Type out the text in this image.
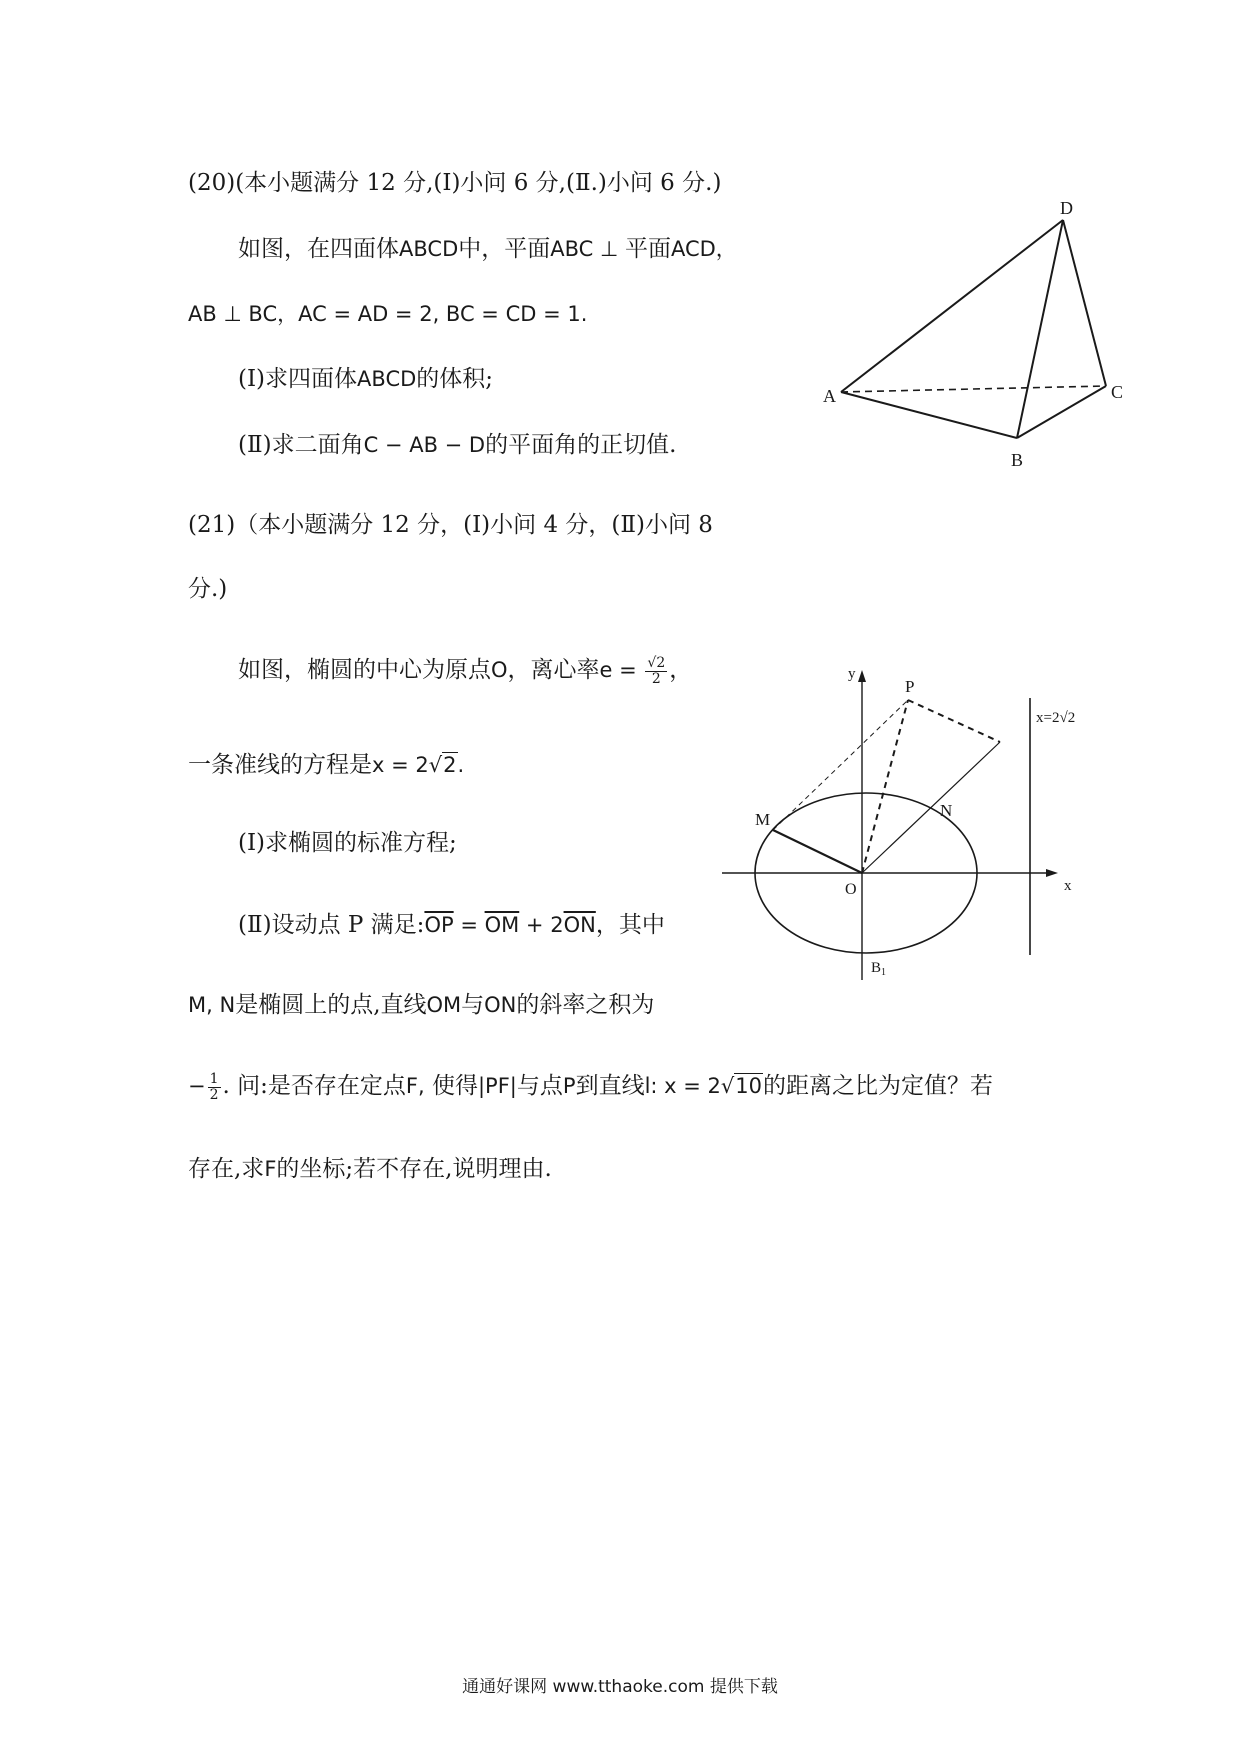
(20)(本小题满分 12 分,(Ⅰ)小问 6 分,(Ⅱ.)小问 6 分.)
如图，在四面体ABCD中，平面ABC ⊥ 平面ACD，
AB ⊥ BC，AC = AD = 2, BC = CD = 1.
(Ⅰ)求四面体ABCD的体积;
(Ⅱ)求二面角C − AB − D的平面角的正切值.
D
A	C
B
(21)（本小题满分 12 分，(Ⅰ)小问 4 分，(Ⅱ)小问 8
分.)
如图，椭圆的中心为原点O，离心率$e = \frac{√2}{2}$ ，
一条准线的方程是x = 2√2.
(Ⅰ)求椭圆的标准方程;
(Ⅱ)设动点 P 满足$:\overline{OP} = \overline{OM} + 2\overline{ON}$，其中
M, N是椭圆上的点,直线OM与ON的斜率之积为
− $\frac{1}{2}$ . 问:是否存在定点F, 使得|PF|与点P到直线l: x = 2√10的距离之比为定值？若
存在,求F的坐标;若不存在,说明理由.
y
x
O
P
M	N
$B_1$
x=2√2
通通好课网 www.tthaoke.com 提供下载
